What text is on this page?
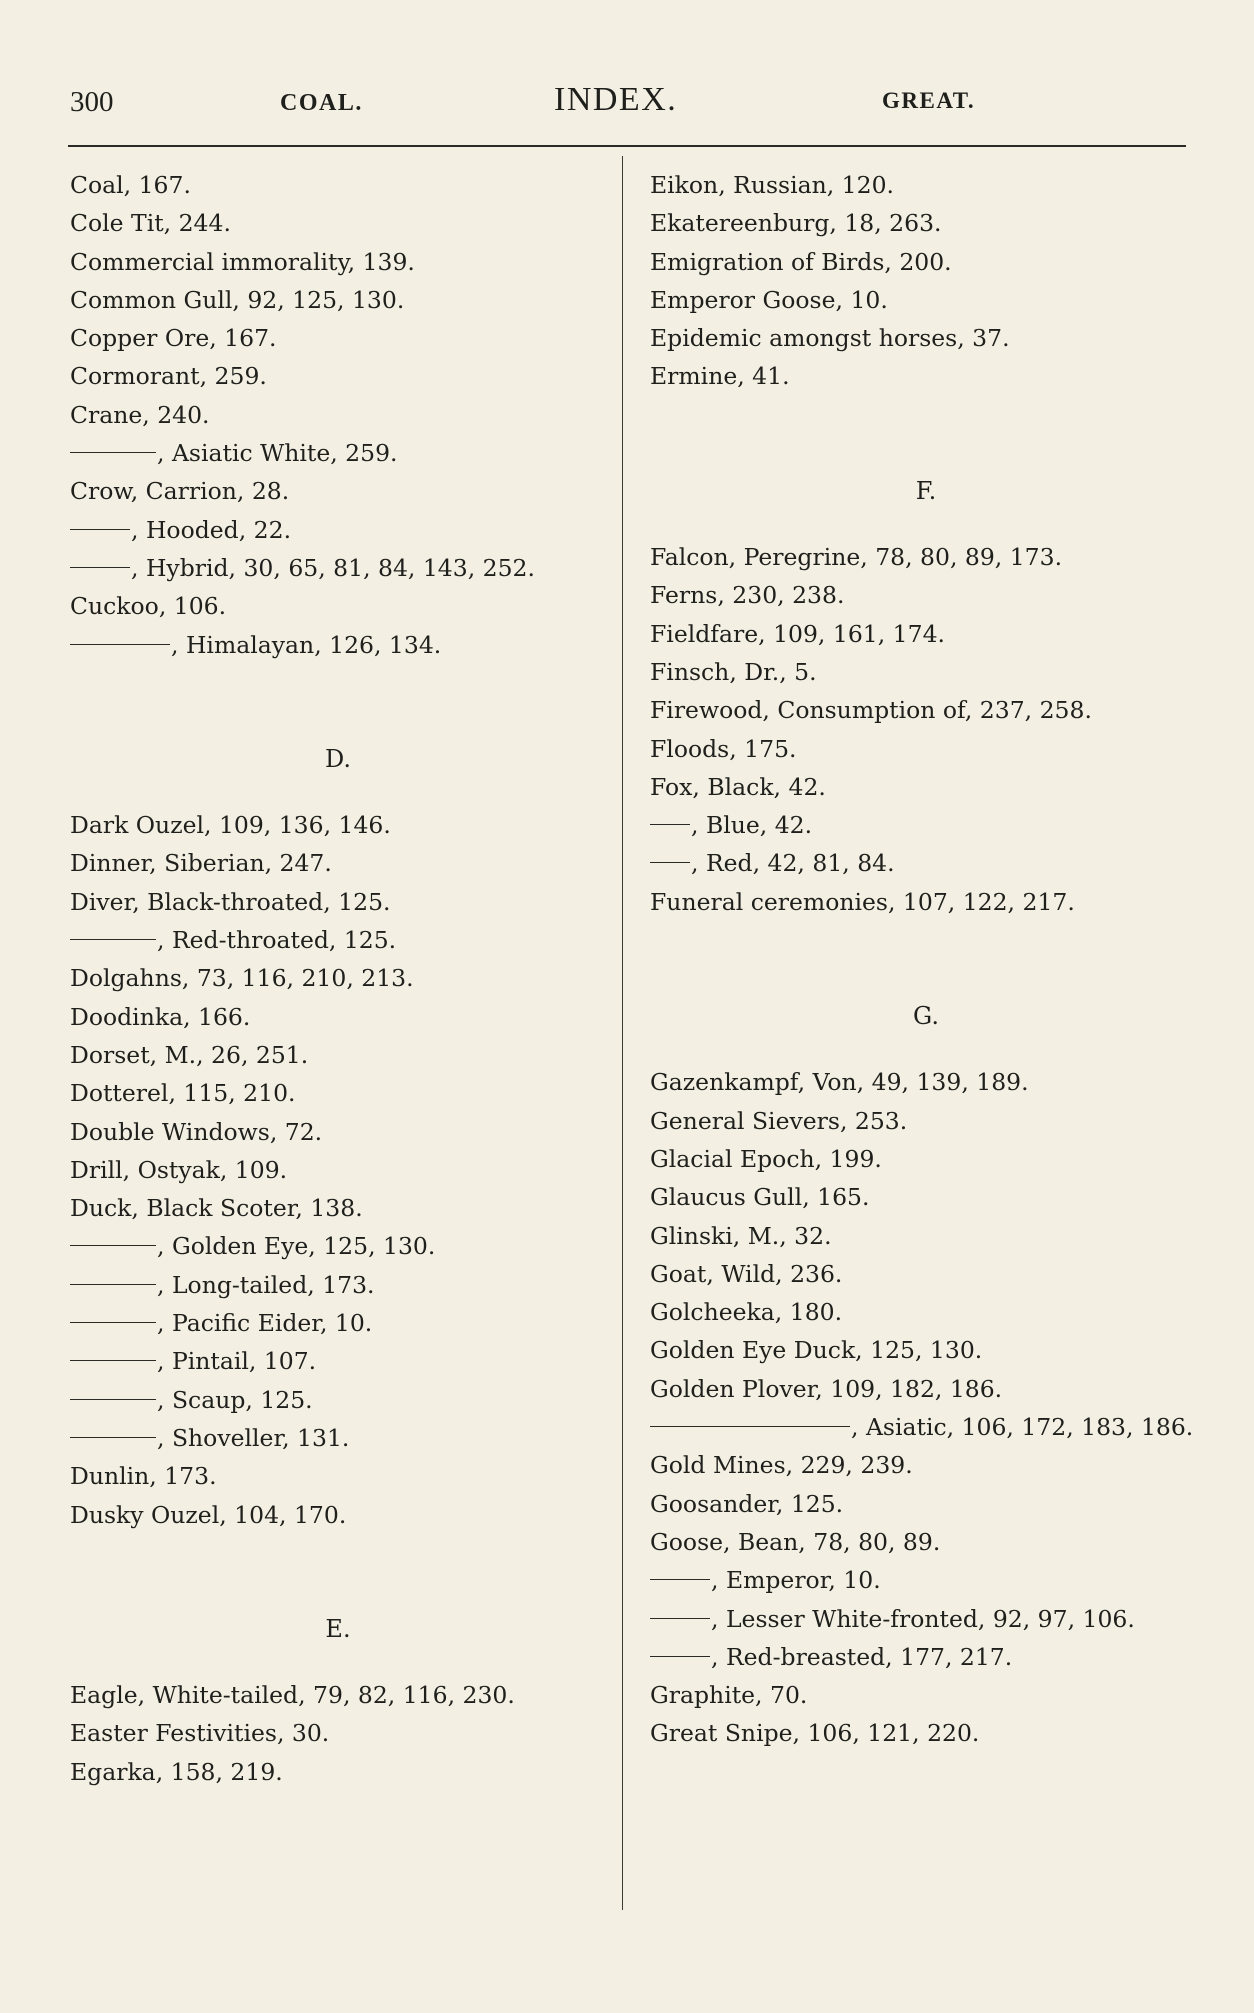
300	COAL.	INDEX.	GREAT.
Coal, 167.
Cole Tit, 244.
Commercial immorality, 139.
Common Gull, 92, 125, 130.
Copper Ore, 167.
Cormorant, 259.
Crane, 240.
, Asiatic White, 259.
Crow, Carrion, 28.
, Hooded, 22.
, Hybrid, 30, 65, 81, 84, 143, 252.
Cuckoo, 106.
, Himalayan, 126, 134.
D.
Dark Ouzel, 109, 136, 146.
Dinner, Siberian, 247.
Diver, Black-throated, 125.
, Red-throated, 125.
Dolgahns, 73, 116, 210, 213.
Doodinka, 166.
Dorset, M., 26, 251.
Dotterel, 115, 210.
Double Windows, 72.
Drill, Ostyak, 109.
Duck, Black Scoter, 138.
, Golden Eye, 125, 130.
, Long-tailed, 173.
, Pacific Eider, 10.
, Pintail, 107.
, Scaup, 125.
, Shoveller, 131.
Dunlin, 173.
Dusky Ouzel, 104, 170.
E.
Eagle, White-tailed, 79, 82, 116, 230.
Easter Festivities, 30.
Egarka, 158, 219.
Eikon, Russian, 120.
Ekatereenburg, 18, 263.
Emigration of Birds, 200.
Emperor Goose, 10.
Epidemic amongst horses, 37.
Ermine, 41.
F.
Falcon, Peregrine, 78, 80, 89, 173.
Ferns, 230, 238.
Fieldfare, 109, 161, 174.
Finsch, Dr., 5.
Firewood, Consumption of, 237, 258.
Floods, 175.
Fox, Black, 42.
, Blue, 42.
, Red, 42, 81, 84.
Funeral ceremonies, 107, 122, 217.
G.
Gazenkampf, Von, 49, 139, 189.
General Sievers, 253.
Glacial Epoch, 199.
Glaucus Gull, 165.
Glinski, M., 32.
Goat, Wild, 236.
Golcheeka, 180.
Golden Eye Duck, 125, 130.
Golden Plover, 109, 182, 186.
, Asiatic, 106, 172, 183, 186.
Gold Mines, 229, 239.
Goosander, 125.
Goose, Bean, 78, 80, 89.
, Emperor, 10.
, Lesser White-fronted, 92, 97, 106.
, Red-breasted, 177, 217.
Graphite, 70.
Great Snipe, 106, 121, 220.
